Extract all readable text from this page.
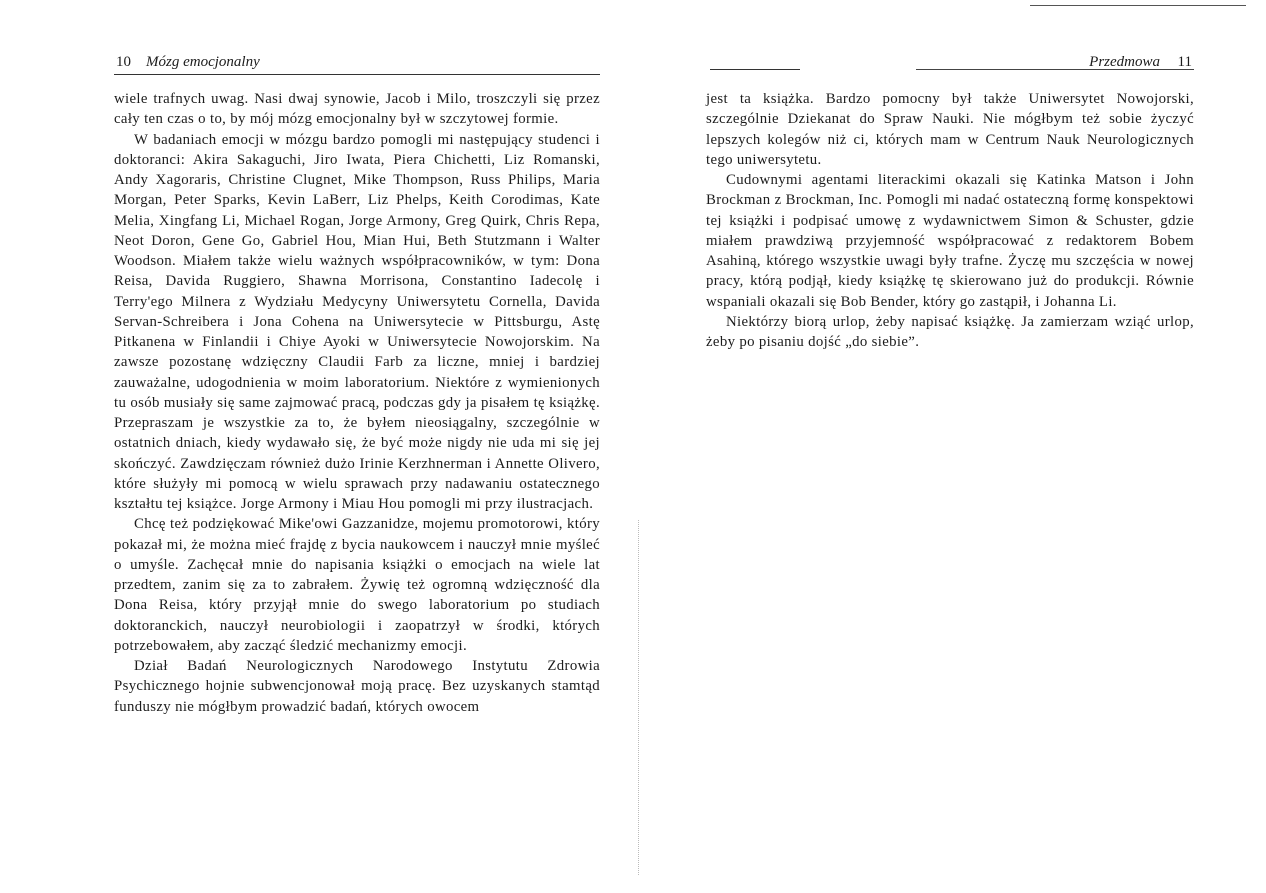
10 Mózg emocjonalny

wiele trafnych uwag. Nasi dwaj synowie, Jacob i Milo, troszczyli się przez cały ten czas o to, by mój mózg emocjonalny był w szczytowej formie.

W badaniach emocji w mózgu bardzo pomogli mi następujący studenci i doktoranci: Akira Sakaguchi, Jiro Iwata, Piera Chichetti, Liz Romanski, Andy Xagoraris, Christine Clugnet, Mike Thompson, Russ Philips, Maria Morgan, Peter Sparks, Kevin LaBerr, Liz Phelps, Keith Corodimas, Kate Melia, Xingfang Li, Michael Rogan, Jorge Armony, Greg Quirk, Chris Repa, Neot Doron, Gene Go, Gabriel Hou, Mian Hui, Beth Stutzmann i Walter Woodson. Miałem także wielu ważnych współpracowników, w tym: Dona Reisa, Davida Ruggiero, Shawna Morrisona, Constantino Iadecolę i Terry'ego Milnera z Wydziału Medycyny Uniwersytetu Cornella, Davida Servan-Schreibera i Jona Cohena na Uniwersytecie w Pittsburgu, Astę Pitkanena w Finlandii i Chiye Ayoki w Uniwersytecie Nowojorskim. Na zawsze pozostanę wdzięczny Claudii Farb za liczne, mniej i bardziej zauważalne, udogodnienia w moim laboratorium. Niektóre z wymienionych tu osób musiały się same zajmować pracą, podczas gdy ja pisałem tę książkę. Przepraszam je wszystkie za to, że byłem nieosiągalny, szczególnie w ostatnich dniach, kiedy wydawało się, że być może nigdy nie uda mi się jej skończyć. Zawdzięczam również dużo Irinie Kerzhnerman i Annette Olivero, które służyły mi pomocą w wielu sprawach przy nadawaniu ostatecznego kształtu tej książce. Jorge Armony i Miau Hou pomogli mi przy ilustracjach.

Chcę też podziękować Mike'owi Gazzanidze, mojemu promotorowi, który pokazał mi, że można mieć frajdę z bycia naukowcem i nauczył mnie myśleć o umyśle. Zachęcał mnie do napisania książki o emocjach na wiele lat przedtem, zanim się za to zabrałem. Żywię też ogromną wdzięczność dla Dona Reisa, który przyjął mnie do swego laboratorium po studiach doktoranckich, nauczył neurobiologii i zaopatrzył w środki, których potrzebowałem, aby zacząć śledzić mechanizmy emocji.

Dział Badań Neurologicznych Narodowego Instytutu Zdrowia Psychicznego hojnie subwencjonował moją pracę. Bez uzyskanych stamtąd funduszy nie mógłbym prowadzić badań, których owocem

Przedmowa 11

jest ta książka. Bardzo pomocny był także Uniwersytet Nowojorski, szczególnie Dziekanat do Spraw Nauki. Nie mógłbym też sobie życzyć lepszych kolegów niż ci, których mam w Centrum Nauk Neurologicznych tego uniwersytetu.

Cudownymi agentami literackimi okazali się Katinka Matson i John Brockman z Brockman, Inc. Pomogli mi nadać ostateczną formę konspektowi tej książki i podpisać umowę z wydawnictwem Simon & Schuster, gdzie miałem prawdziwą przyjemność współpracować z redaktorem Bobem Asahiną, którego wszystkie uwagi były trafne. Życzę mu szczęścia w nowej pracy, którą podjął, kiedy książkę tę skierowano już do produkcji. Równie wspaniali okazali się Bob Bender, który go zastąpił, i Johanna Li.

Niektórzy biorą urlop, żeby napisać książkę. Ja zamierzam wziąć urlop, żeby po pisaniu dojść „do siebie”.
